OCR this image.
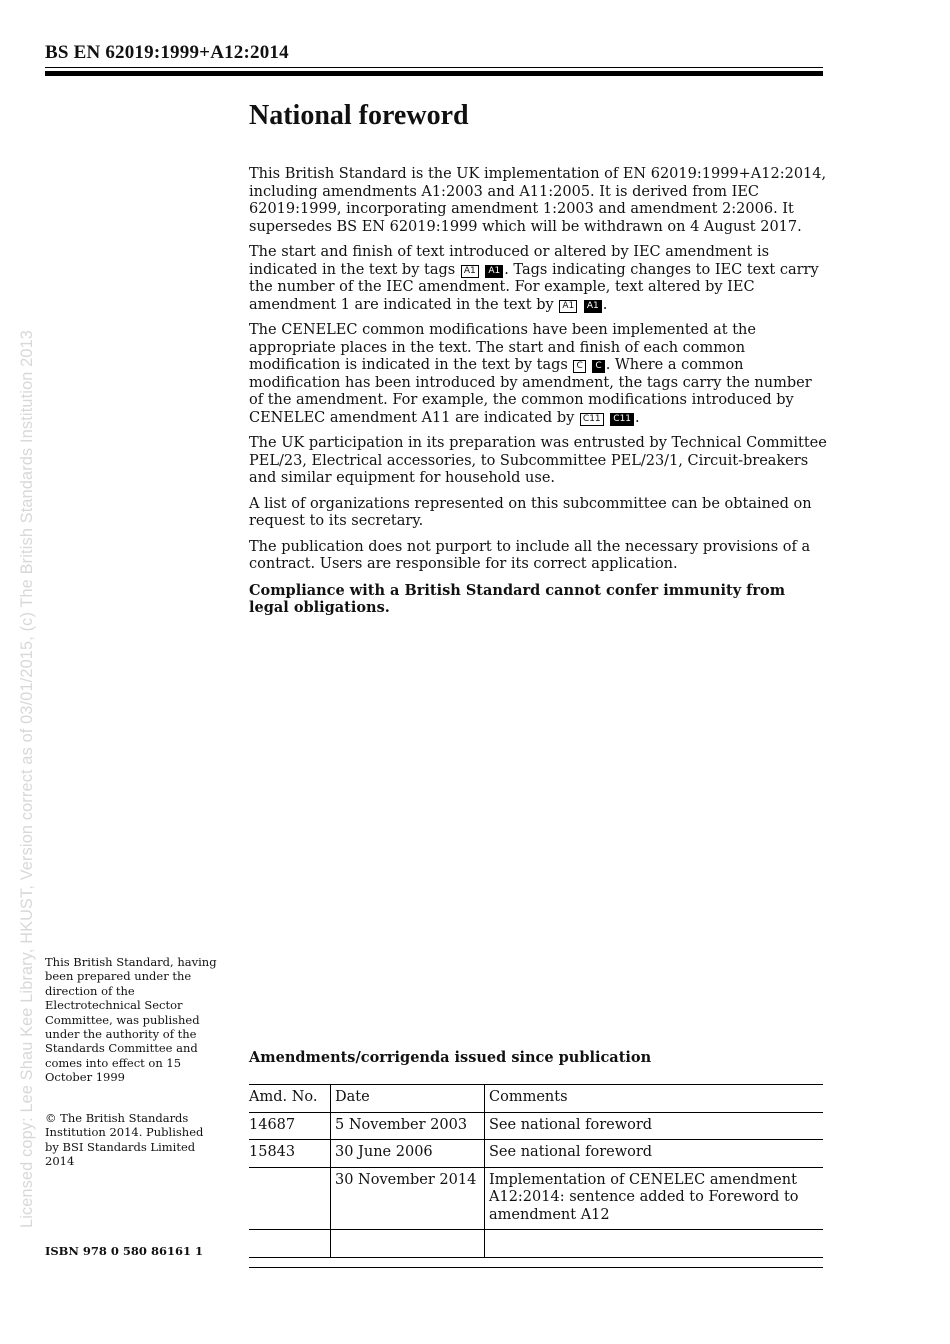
BS EN 62019:1999+A12:2014
Licensed copy: Lee Shau Kee Library, HKUST, Version correct as of 03/01/2015, (c) The British Standards Institution 2013
National foreword

This British Standard is the UK implementation of EN 62019:1999+A12:2014, including amendments A1:2003 and A11:2005. It is derived from IEC 62019:1999, incorporating amendment 1:2003 and amendment 2:2006. It supersedes BS EN 62019:1999 which will be withdrawn on 4 August 2017.

The start and finish of text introduced or altered by IEC amendment is indicated in the text by tags A1 A1 . Tags indicating changes to IEC text carry the number of the IEC amendment. For example, text altered by IEC amendment 1 are indicated in the text by A1 A1 .

The CENELEC common modifications have been implemented at the appropriate places in the text. The start and finish of each common modification is indicated in the text by tags C C . Where a common modification has been introduced by amendment, the tags carry the number of the amendment. For example, the common modifications introduced by CENELEC amendment A11 are indicated by C11 C11 .

The UK participation in its preparation was entrusted by Technical Committee PEL/23, Electrical accessories, to Subcommittee PEL/23/1, Circuit-breakers and similar equipment for household use.

A list of organizations represented on this subcommittee can be obtained on request to its secretary.

The publication does not purport to include all the necessary provisions of a contract. Users are responsible for its correct application.

Compliance with a British Standard cannot confer immunity from legal obligations.

This British Standard, having been prepared under the direction of the Electrotechnical Sector Committee, was published under the authority of the Standards Committee and comes into effect on 15 October 1999
© The British Standards Institution 2014. Published by BSI Standards Limited 2014
ISBN 978 0 580 86161 1
Amendments/corrigenda issued since publication
Amd. No.	Date	Comments
14687	5 November 2003	See national foreword
15843	30 June 2006	See national foreword
	30 November 2014	Implementation of CENELEC amendment A12:2014: sentence added to Foreword to amendment A12
